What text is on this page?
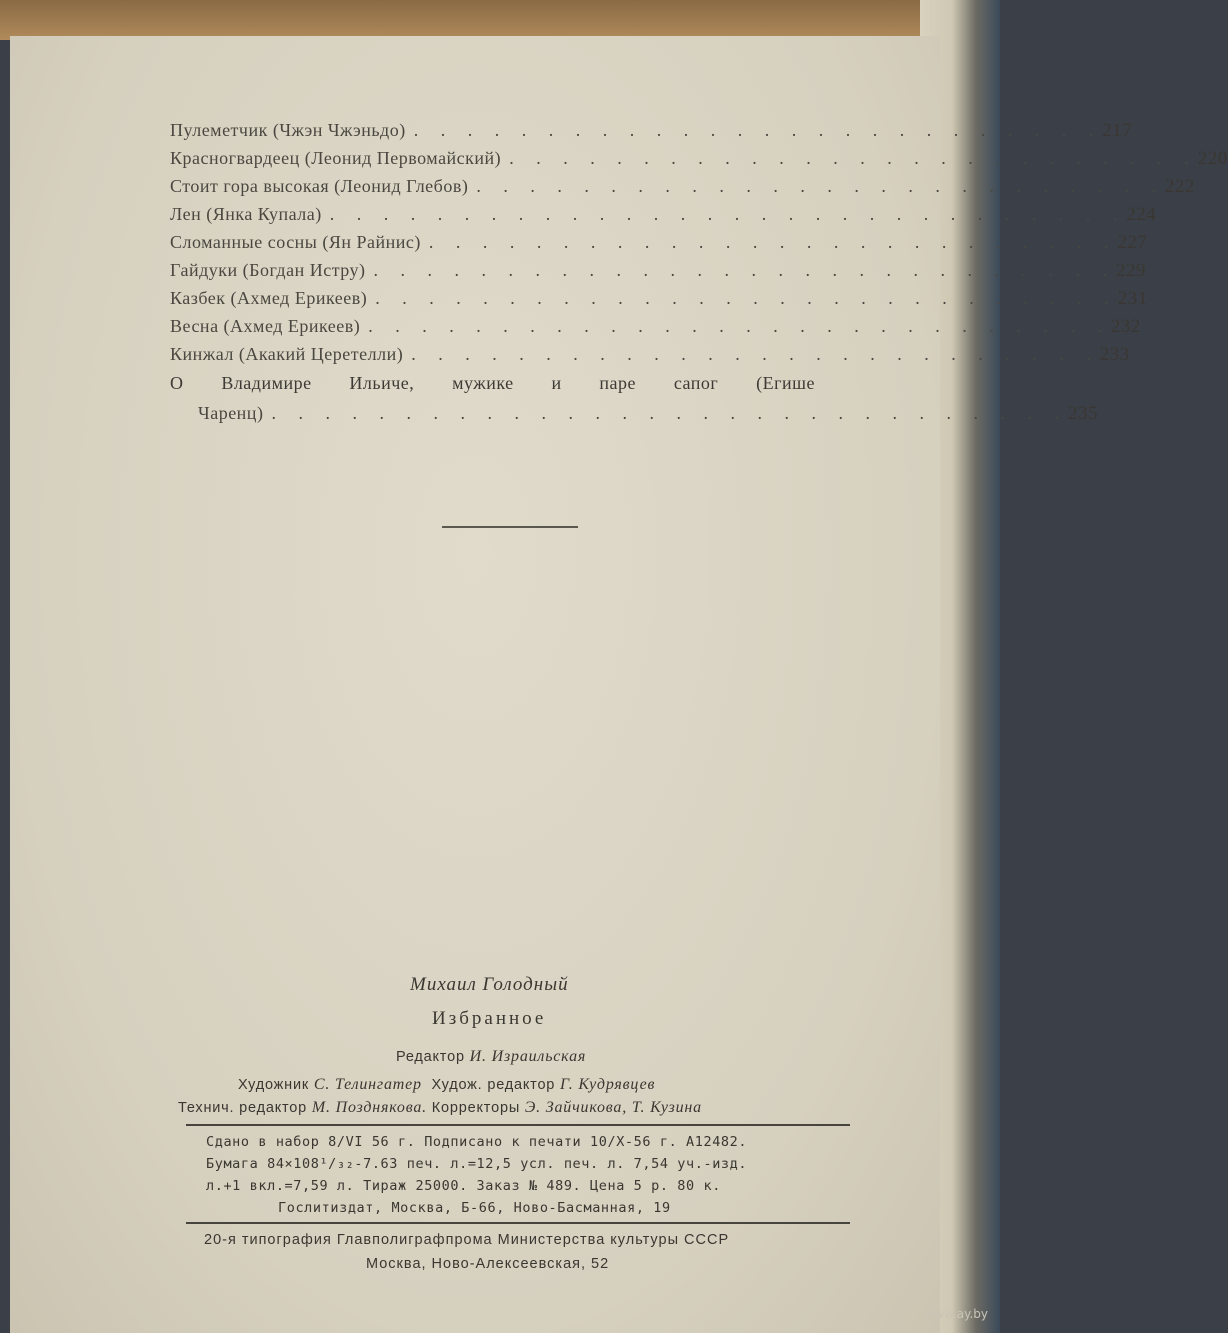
Пулеметчик (Чжэн Чжэньдо) . . . . . . . . . . . . . . . . . . . . . . . . . . 217
Красногвардеец (Леонид Первомайский) . . . . . . . . . . . . . . . . . . . . . . . . . . 220
Стоит гора высокая (Леонид Глебов) . . . . . . . . . . . . . . . . . . . . . . . . . . 222
Лен (Янка Купала) . . . . . . . . . . . . . . . . . . . . . . . . . . . . . . 224
Сломанные сосны (Ян Райнис) . . . . . . . . . . . . . . . . . . . . . . . . . . 227
Гайдуки (Богдан Истру) . . . . . . . . . . . . . . . . . . . . . . . . . . . . 229
Казбек (Ахмед Ерикеев) . . . . . . . . . . . . . . . . . . . . . . . . . . . . 231
Весна (Ахмед Ерикеев) . . . . . . . . . . . . . . . . . . . . . . . . . . . . 232
Кинжал (Акакий Церетелли) . . . . . . . . . . . . . . . . . . . . . . . . . . 233
О Владимире Ильиче, мужике и паре сапог (Егише
Чаренц) . . . . . . . . . . . . . . . . . . . . . . . . . . . . . . 235
Михаил Голодный
Избранное
Редактор И. Израильская
Художник С. Телингатер Худож. редактор Г. Кудрявцев
Технич. редактор М. Позднякова. Корректоры Э. Зайчикова, Т. Кузина
Сдано в набор 8/VI 56 г. Подписано к печати 10/X-56 г. А12482.
Бумага 84×108¹/₃₂-7.63 печ. л.=12,5 усл. печ. л. 7,54 уч.-изд.
л.+1 вкл.=7,59 л. Тираж 25000. Заказ № 489. Цена 5 р. 80 к.
Гослитиздат, Москва, Б-66, Ново-Басманная, 19
20-я типография Главполиграфпрома Министерства культуры СССР
Москва, Ново-Алексеевская, 52
www.ay.by
